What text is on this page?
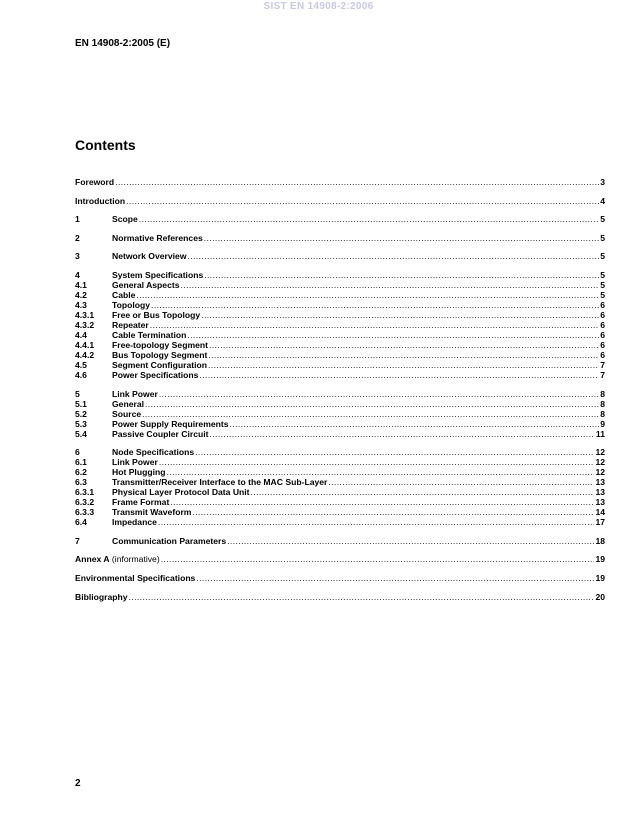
SIST EN 14908-2:2006
EN 14908-2:2005 (E)
Contents
Foreword .....	3
Introduction .....	4
1	Scope .....	5
2	Normative References .....	5
3	Network Overview .....	5
4	System Specifications .....	5
4.1	General Aspects .....	5
4.2	Cable .....	5
4.3	Topology .....	6
4.3.1	Free or Bus Topology .....	6
4.3.2	Repeater .....	6
4.4	Cable Termination .....	6
4.4.1	Free-topology Segment .....	6
4.4.2	Bus Topology Segment .....	6
4.5	Segment Configuration .....	7
4.6	Power Specifications .....	7
5	Link Power .....	8
5.1	General .....	8
5.2	Source .....	8
5.3	Power Supply Requirements .....	9
5.4	Passive Coupler Circuit .....	11
6	Node Specifications .....	12
6.1	Link Power .....	12
6.2	Hot Plugging .....	12
6.3	Transmitter/Receiver Interface to the MAC Sub-Layer .....	13
6.3.1	Physical Layer Protocol Data Unit .....	13
6.3.2	Frame Format .....	13
6.3.3	Transmit Waveform .....	14
6.4	Impedance .....	17
7	Communication Parameters .....	18
Annex A (informative) .....	19
Environmental Specifications .....	19
Bibliography .....	20
2
